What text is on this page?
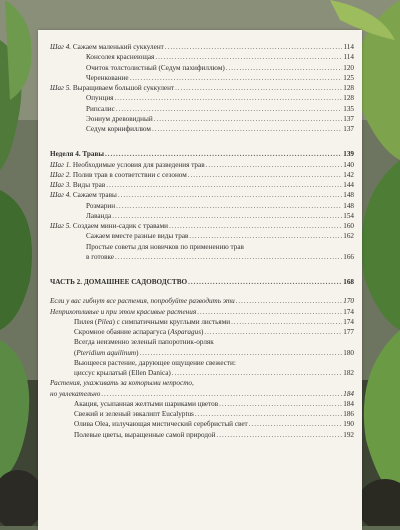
Шаг 4. Сажаем маленький суккулент .....	114
Консолея краснеющая .....	114
Очиток толстолистный (Седум пахифиллюм) .....	120
Черенкование .....	125
Шаг 5. Выращиваем большой суккулент .....	128
Опунция .....	128
Рипсалис .....	135
Эониум древовидный .....	137
Седум корнифиллюм .....	137
Неделя 4. Травы .....	139
Шаг 1. Необходимые условия для разведения трав .....	140
Шаг 2. Полив трав в соответствии с сезоном .....	142
Шаг 3. Виды трав .....	144
Шаг 4. Сажаем травы .....	148
Розмарин .....	148
Лаванда .....	154
Шаг 5. Создаем мини-садик с травами .....	160
Сажаем вместе разные виды трав .....	162
Простые советы для новичков по применению трав
в готовке .....	166
ЧАСТЬ 2. ДОМАШНЕЕ САДОВОДСТВО .....	168
Если у вас гибнут все растения, попробуйте разводить эти .....	170
Неприхотливые и при этом красивые растения .....	174
Пилея (Pilea) с симпатичными круглыми листьями .....	174
Скромное обаяние аспарагуса (Asparagus) .....	177
Всегда неизменно зеленый папоротник-орляк
(Pteridium aquilinum) .....	180
Вьющееся растение, дарующее ощущение свежести:
циссус крылатый (Ellen Danica) .....	182
Растения, ухаживать за которыми непросто,
но увлекательно .....	184
Акация, усыпанная желтыми шариками цветов .....	184
Свежий и зеленый эвкалипт Eucalyptus .....	186
Олива Olea, излучающая мистический серебристый свет .....	190
Полевые цветы, выращенные самой природой .....	192
